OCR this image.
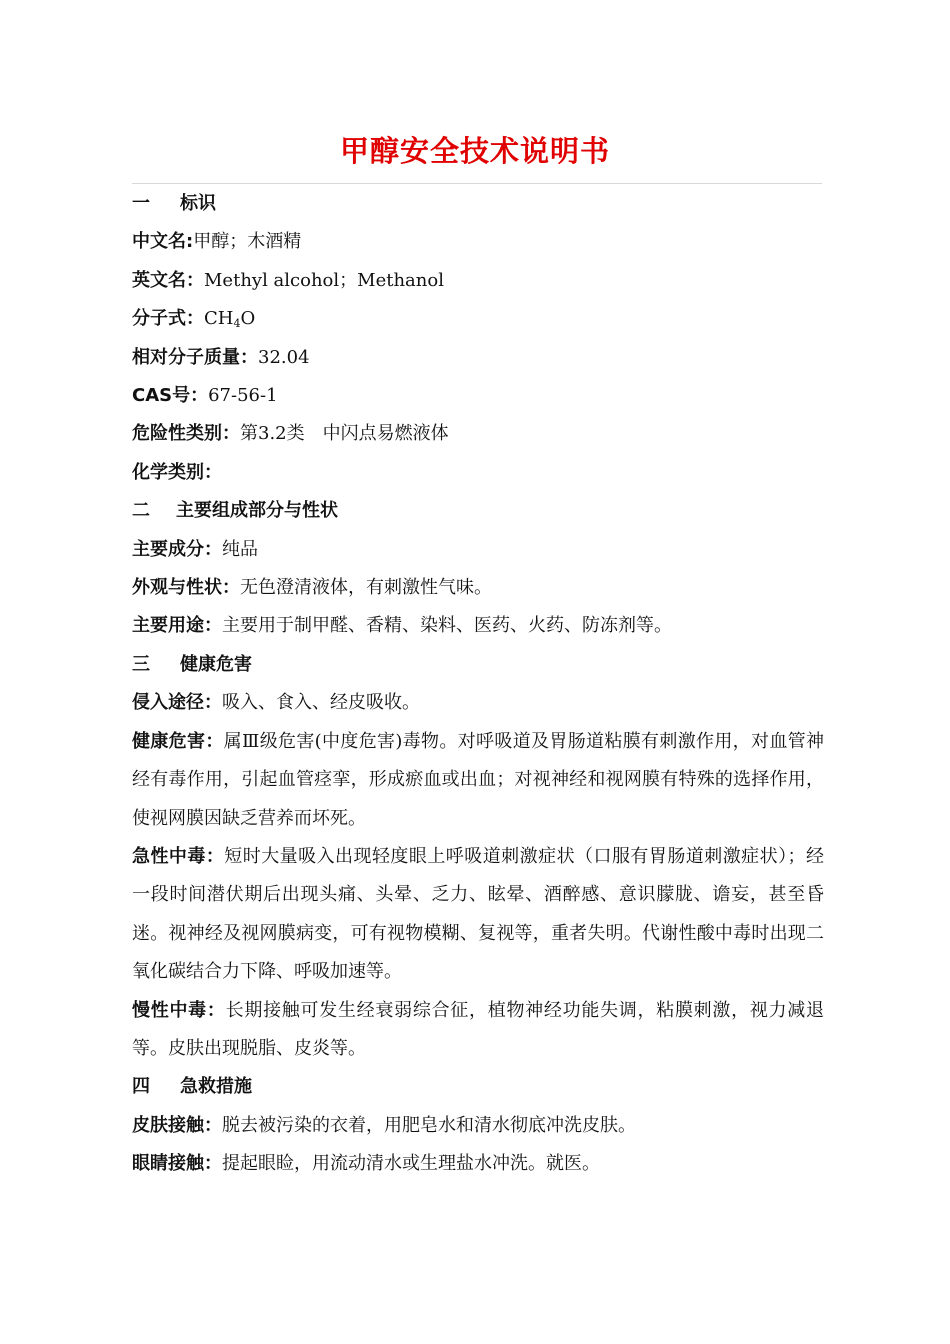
甲醇安全技术说明书

一 标识

中文名:甲醇；木酒精

英文名：Methyl alcohol；Methanol

分子式：$CH_4O$

相对分子质量：32.04

CAS号：67-56-1

危险性类别：第3.2类　中闪点易燃液体

化学类别：

二 主要组成部分与性状

主要成分：纯品

外观与性状：无色澄清液体，有刺激性气味。

主要用途：主要用于制甲醛、香精、染料、医药、火药、防冻剂等。

三 健康危害

侵入途径：吸入、食入、经皮吸收。

健康危害：属Ⅲ级危害(中度危害)毒物。对呼吸道及胃肠道粘膜有刺激作用，对血管神经有毒作用，引起血管痉挛，形成瘀血或出血；对视神经和视网膜有特殊的选择作用，使视网膜因缺乏营养而坏死。

急性中毒：短时大量吸入出现轻度眼上呼吸道刺激症状（口服有胃肠道刺激症状）；经一段时间潜伏期后出现头痛、头晕、乏力、眩晕、酒醉感、意识朦胧、谵妄，甚至昏迷。视神经及视网膜病变，可有视物模糊、复视等，重者失明。代谢性酸中毒时出现二氧化碳结合力下降、呼吸加速等。

慢性中毒：长期接触可发生经衰弱综合征，植物神经功能失调，粘膜刺激，视力减退等。皮肤出现脱脂、皮炎等。

四 急救措施

皮肤接触：脱去被污染的衣着，用肥皂水和清水彻底冲洗皮肤。

眼睛接触：提起眼睑，用流动清水或生理盐水冲洗。就医。
